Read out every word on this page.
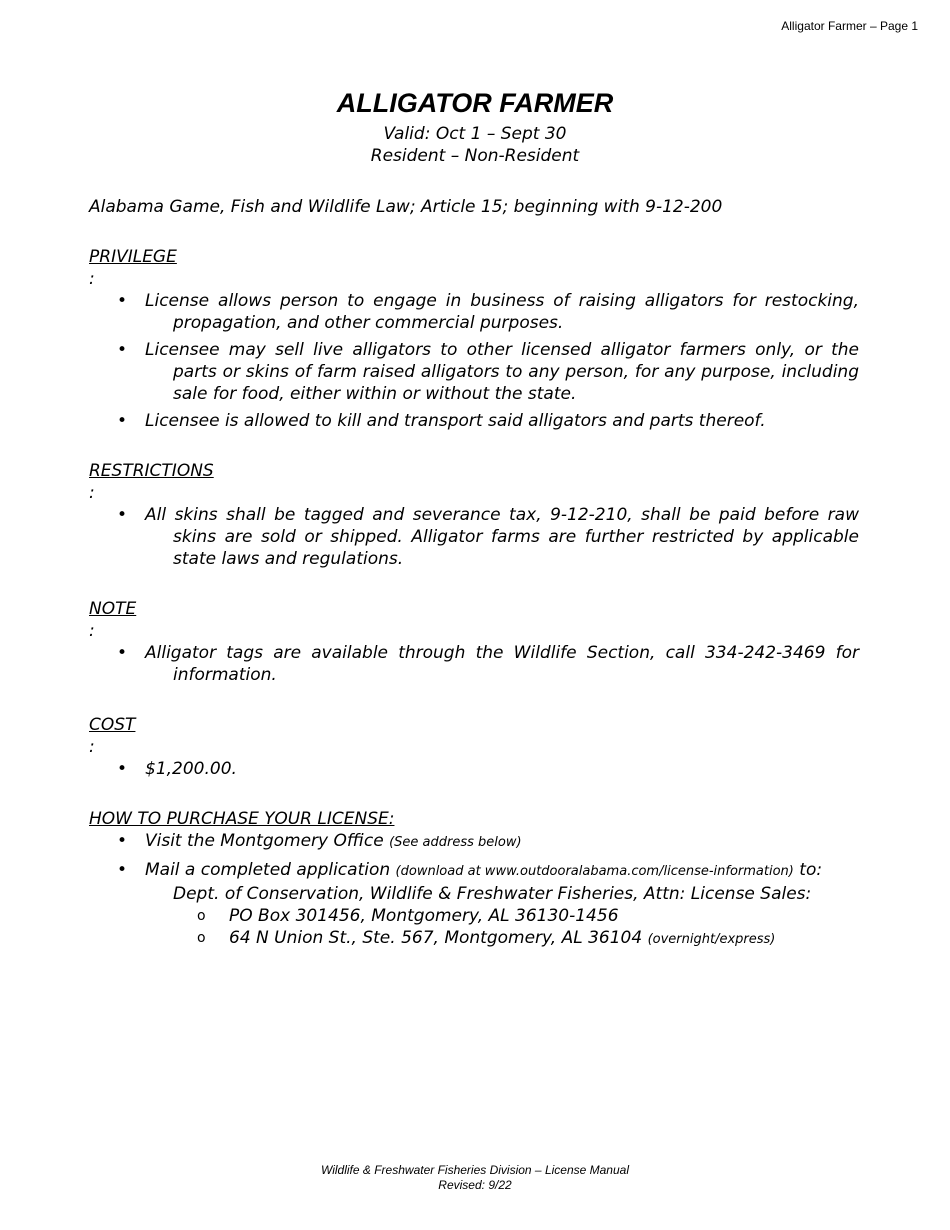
Alligator Farmer – Page 1
ALLIGATOR FARMER
Valid: Oct 1 – Sept 30
Resident – Non-Resident

Alabama Game, Fish and Wildlife Law; Article 15; beginning with 9-12-200

PRIVILEGE
:
• License allows person to engage in business of raising alligators for restocking, propagation, and other commercial purposes.
• Licensee may sell live alligators to other licensed alligator farmers only, or the parts or skins of farm raised alligators to any person, for any purpose, including sale for food, either within or without the state.
• Licensee is allowed to kill and transport said alligators and parts thereof.
RESTRICTIONS
:
• All skins shall be tagged and severance tax, 9-12-210, shall be paid before raw skins are sold or shipped. Alligator farms are further restricted by applicable state laws and regulations.
NOTE
:
• Alligator tags are available through the Wildlife Section, call 334-242-3469 for information.
COST
:
• $1,200.00.
HOW TO PURCHASE YOUR LICENSE:
• Visit the Montgomery Office (See address below)
• Mail a completed application (download at www.outdooralabama.com/license-information) to:
Dept. of Conservation, Wildlife & Freshwater Fisheries, Attn: License Sales:
o PO Box 301456, Montgomery, AL 36130-1456
o 64 N Union St., Ste. 567, Montgomery, AL 36104 (overnight/express)
Wildlife & Freshwater Fisheries Division – License Manual
Revised: 9/22
